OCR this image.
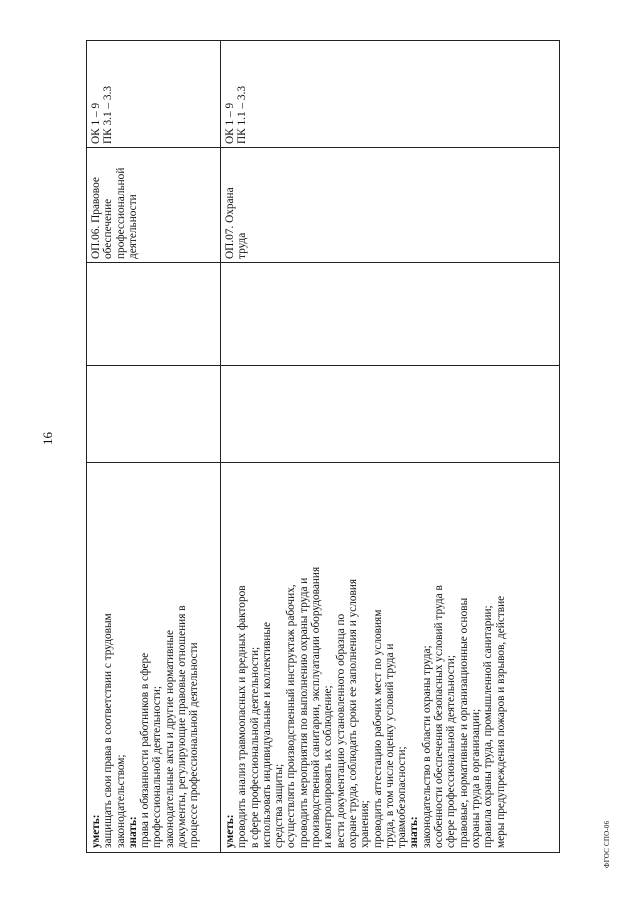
16
ФГОС СПО-06
ОК 1 – 9 ПК 3.1 – 3.3
ОП.06. Правовое обеспечение профессиональной деятельности
уметь: защищать свои права в соответствии с трудовым законодательством; знать: права и обязанности работников в сфере профессиональной деятельности; законодательные акты и другие нормативные документы, регулирующие правовые отношения в процессе профессиональной деятельности
ОК 1 – 9 ПК 1.1 – 3.3
ОП.07. Охрана труда
уметь: проводить анализ травмоопасных и вредных факторов в сфере профессиональной деятельности; использовать индивидуальные и коллективные средства защиты; осуществлять производственный инструктаж рабочих, проводить мероприятия по выполнению охраны труда и производственной санитарии, эксплуатации оборудования и контролировать их соблюдение; вести документацию установленного образца по охране труда, соблюдать сроки ее заполнения и условия хранения; проводить аттестацию рабочих мест по условиям труда, в том числе оценку условий труда и травмобезопасности; знать: законодательство в области охраны труда; особенности обеспечения безопасных условий труда в сфере профессиональной деятельности; правовые, нормативные и организационные основы охраны труда в организации; правила охраны труда, промышленной санитарии; меры предупреждения пожаров и взрывов, действие
